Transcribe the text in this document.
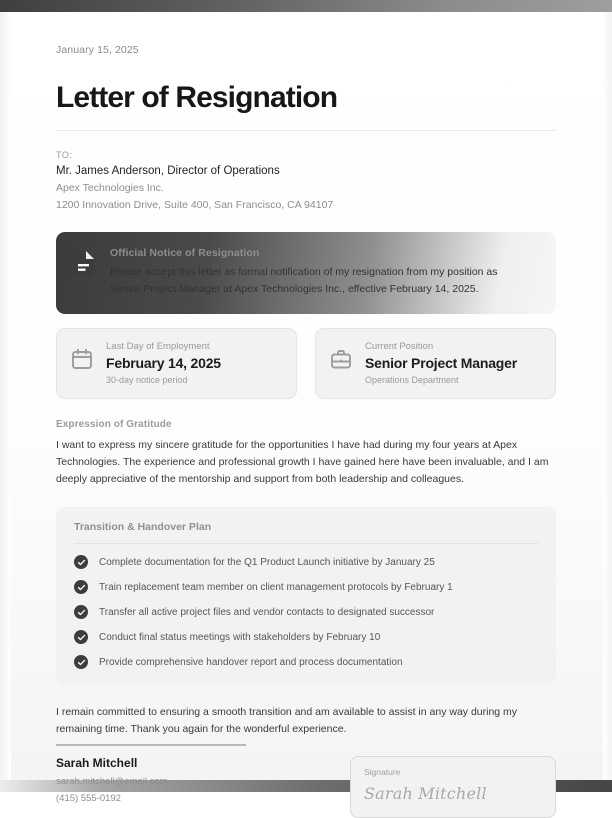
January 15, 2025
Letter of Resignation
TO:
Mr. James Anderson, Director of Operations
Apex Technologies Inc.
1200 Innovation Drive, Suite 400, San Francisco, CA 94107
Official Notice of Resignation
Please accept this letter as formal notification of my resignation from my position as Senior Project Manager at Apex Technologies Inc., effective February 14, 2025.
Last Day of Employment
February 14, 2025
30-day notice period
Current Position
Senior Project Manager
Operations Department
Expression of Gratitude
I want to express my sincere gratitude for the opportunities I have had during my four years at Apex Technologies. The experience and professional growth I have gained here have been invaluable, and I am deeply appreciative of the mentorship and support from both leadership and colleagues.
Transition & Handover Plan
Complete documentation for the Q1 Product Launch initiative by January 25
Train replacement team member on client management protocols by February 1
Transfer all active project files and vendor contacts to designated successor
Conduct final status meetings with stakeholders by February 10
Provide comprehensive handover report and process documentation
I remain committed to ensuring a smooth transition and am available to assist in any way during my remaining time. Thank you again for the wonderful experience.
Sarah Mitchell
sarah.mitchell@email.com
(415) 555-0192
Signature
Sarah Mitchell
